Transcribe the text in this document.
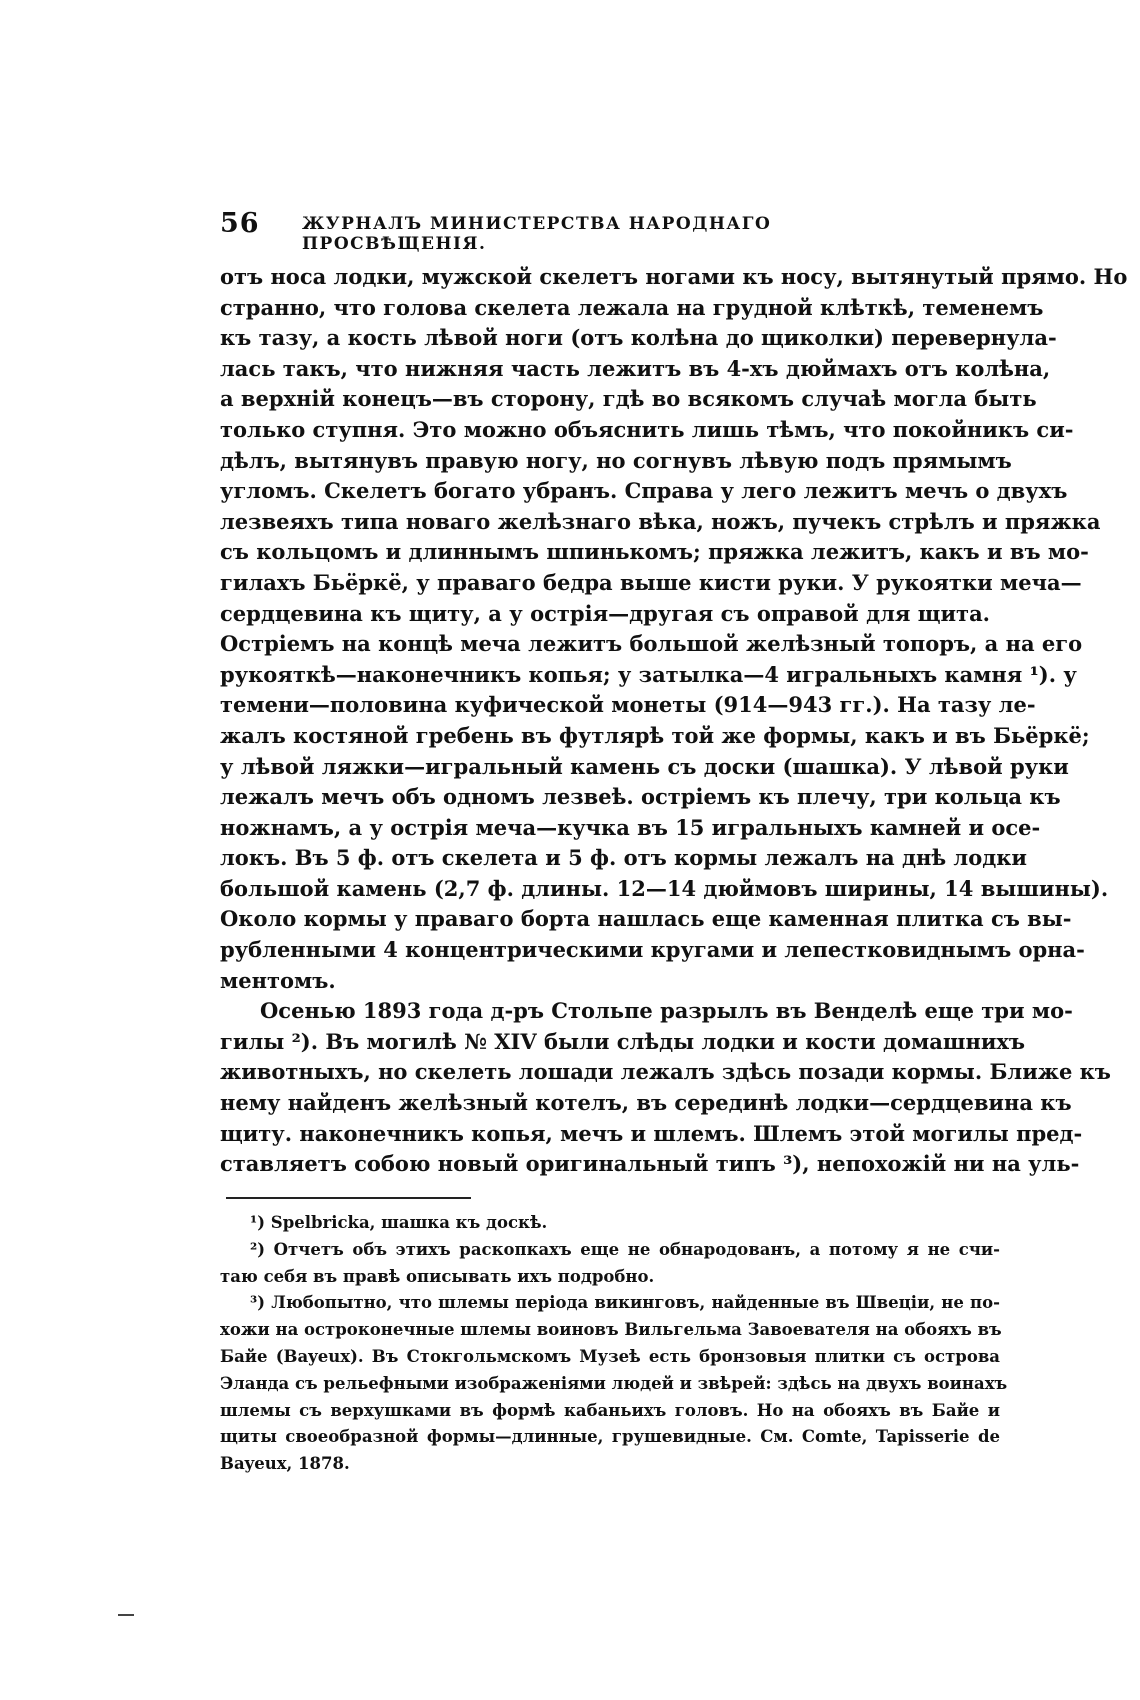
56 ЖУРНАЛЪ МИНИСТЕРСТВА НАРОДНАГО ПРОСВѢЩЕНІЯ.
отъ носа лодки, мужской скелетъ ногами къ носу, вытянутый прямо. Но
странно, что голова скелета лежала на грудной клѣткѣ, теменемъ
къ тазу, а кость лѣвой ноги (отъ колѣна до щиколки) перевернула-
лась такъ, что нижняя часть лежитъ въ 4-хъ дюймахъ отъ колѣна,
а верхній конецъ—въ сторону, гдѣ во всякомъ случаѣ могла быть
только ступня. Это можно объяснить лишь тѣмъ, что покойникъ си-
дѣлъ, вытянувъ правую ногу, но согнувъ лѣвую подъ прямымъ
угломъ. Скелетъ богато убранъ. Справа у лего лежитъ мечъ о двухъ
лезвеяхъ типа новаго желѣзнаго вѣка, ножъ, пучекъ стрѣлъ и пряжка
съ кольцомъ и длиннымъ шпинькомъ; пряжка лежитъ, какъ и въ мо-
гилахъ Бьёркё, у праваго бедра выше кисти руки. У рукоятки меча—
сердцевина къ щиту, а у острія—другая съ оправой для щита.
Остріемъ на концѣ меча лежитъ большой желѣзный топоръ, а на его
рукояткѣ—наконечникъ копья; у затылка—4 игральныхъ камня ¹). у
темени—половина куфической монеты (914—943 гг.). На тазу ле-
жалъ костяной гребень въ футлярѣ той же формы, какъ и въ Бьёркё;
у лѣвой ляжки—игральный камень съ доски (шашка). У лѣвой руки
лежалъ мечъ объ одномъ лезвеѣ. остріемъ къ плечу, три кольца къ
ножнамъ, а у острія меча—кучка въ 15 игральныхъ камней и осе-
локъ. Въ 5 ф. отъ скелета и 5 ф. отъ кормы лежалъ на днѣ лодки
большой камень (2,7 ф. длины. 12—14 дюймовъ ширины, 14 вышины).
Около кормы у праваго борта нашлась еще каменная плитка съ вы-
рубленными 4 концентрическими кругами и лепестковиднымъ орна-
ментомъ.
Осенью 1893 года д-ръ Стольпе разрылъ въ Венделѣ еще три мо-
гилы ²). Въ могилѣ № XIV были слѣды лодки и кости домашнихъ
животныхъ, но скелеть лошади лежалъ здѣсь позади кормы. Ближе къ
нему найденъ желѣзный котелъ, въ серединѣ лодки—сердцевина къ
щиту. наконечникъ копья, мечъ и шлемъ. Шлемъ этой могилы пред-
ставляетъ собою новый оригинальный типъ ³), непохожій ни на уль-
¹) Spelbricka, шашка къ доскѣ.
²) Отчетъ объ этихъ раскопкахъ еще не обнародованъ, а потому я не счи-
таю себя въ правѣ описывать ихъ подробно.
³) Любопытно, что шлемы періода викинговъ, найденные въ Швеціи, не по-
хожи на остроконечные шлемы воиновъ Вильгельма Завоевателя на обояхъ въ
Байе (Bayeux). Въ Стокгольмскомъ Музеѣ есть бронзовыя плитки съ острова
Эланда съ рельефными изображеніями людей и звѣрей: здѣсь на двухъ воинахъ
шлемы съ верхушками въ формѣ кабаньихъ головъ. Но на обояхъ въ Байе и
щиты своеобразной формы—длинные, грушевидные. См. Comte, Tapisserie de
Bayeux, 1878.
